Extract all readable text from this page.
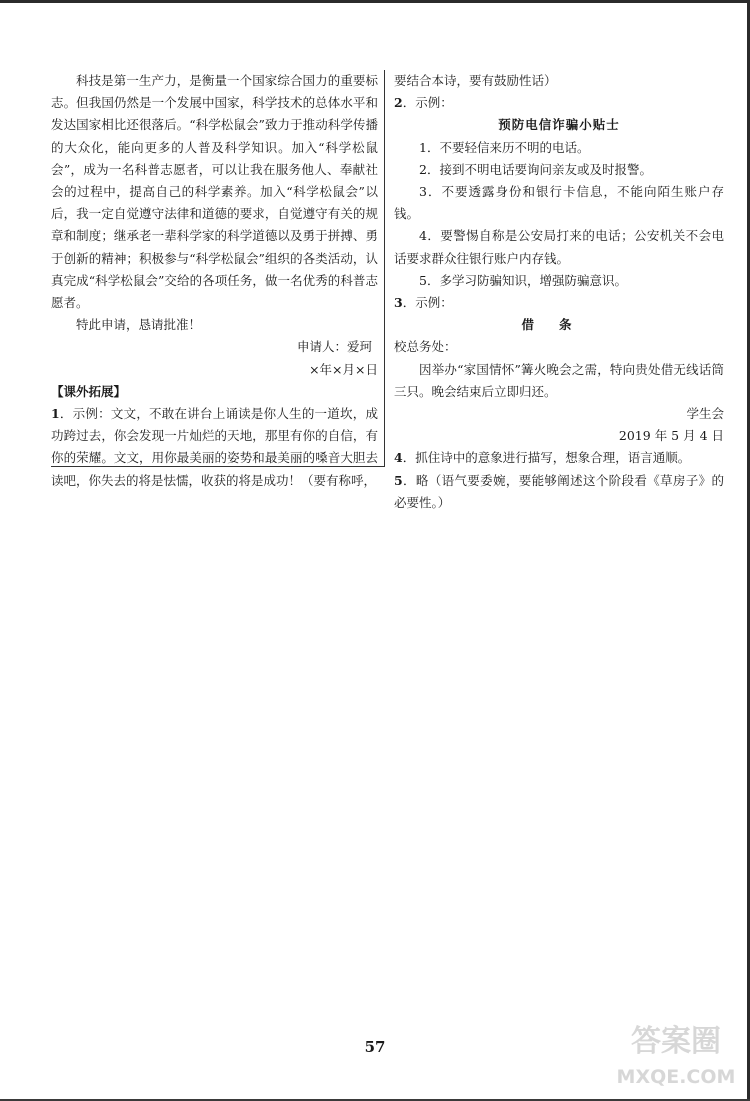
科技是第一生产力，是衡量一个国家综合国力的重要标志。但我国仍然是一个发展中国家，科学技术的总体水平和发达国家相比还很落后。“科学松鼠会”致力于推动科学传播的大众化，能向更多的人普及科学知识。加入“科学松鼠会”，成为一名科普志愿者，可以让我在服务他人、奉献社会的过程中，提高自己的科学素养。加入“科学松鼠会”以后，我一定自觉遵守法律和道德的要求，自觉遵守有关的规章和制度；继承老一辈科学家的科学道德以及勇于拼搏、勇于创新的精神；积极参与“科学松鼠会”组织的各类活动，认真完成“科学松鼠会”交给的各项任务，做一名优秀的科普志愿者。

特此申请，恳请批准！

申请人：爱珂

×年×月×日

【课外拓展】

1．示例：文文，不敢在讲台上诵读是你人生的一道坎，成功跨过去，你会发现一片灿烂的天地，那里有你的自信，有你的荣耀。文文，用你最美丽的姿势和最美丽的嗓音大胆去读吧，你失去的将是怯懦，收获的将是成功！（要有称呼，

要结合本诗，要有鼓励性话）

2．示例：

预防电信诈骗小贴士

1．不要轻信来历不明的电话。

2．接到不明电话要询问亲友或及时报警。

3．不要透露身份和银行卡信息，不能向陌生账户存钱。

4．要警惕自称是公安局打来的电话；公安机关不会电话要求群众往银行账户内存钱。

5．多学习防骗知识，增强防骗意识。

3．示例：

借条

校总务处：

因举办“家国情怀”篝火晚会之需，特向贵处借无线话筒三只。晚会结束后立即归还。

学生会

2019 年 5 月 4 日

4．抓住诗中的意象进行描写，想象合理，语言通顺。

5．略（语气要委婉，要能够阐述这个阶段看《草房子》的必要性。）

57	答案圈
MXQE.COM
